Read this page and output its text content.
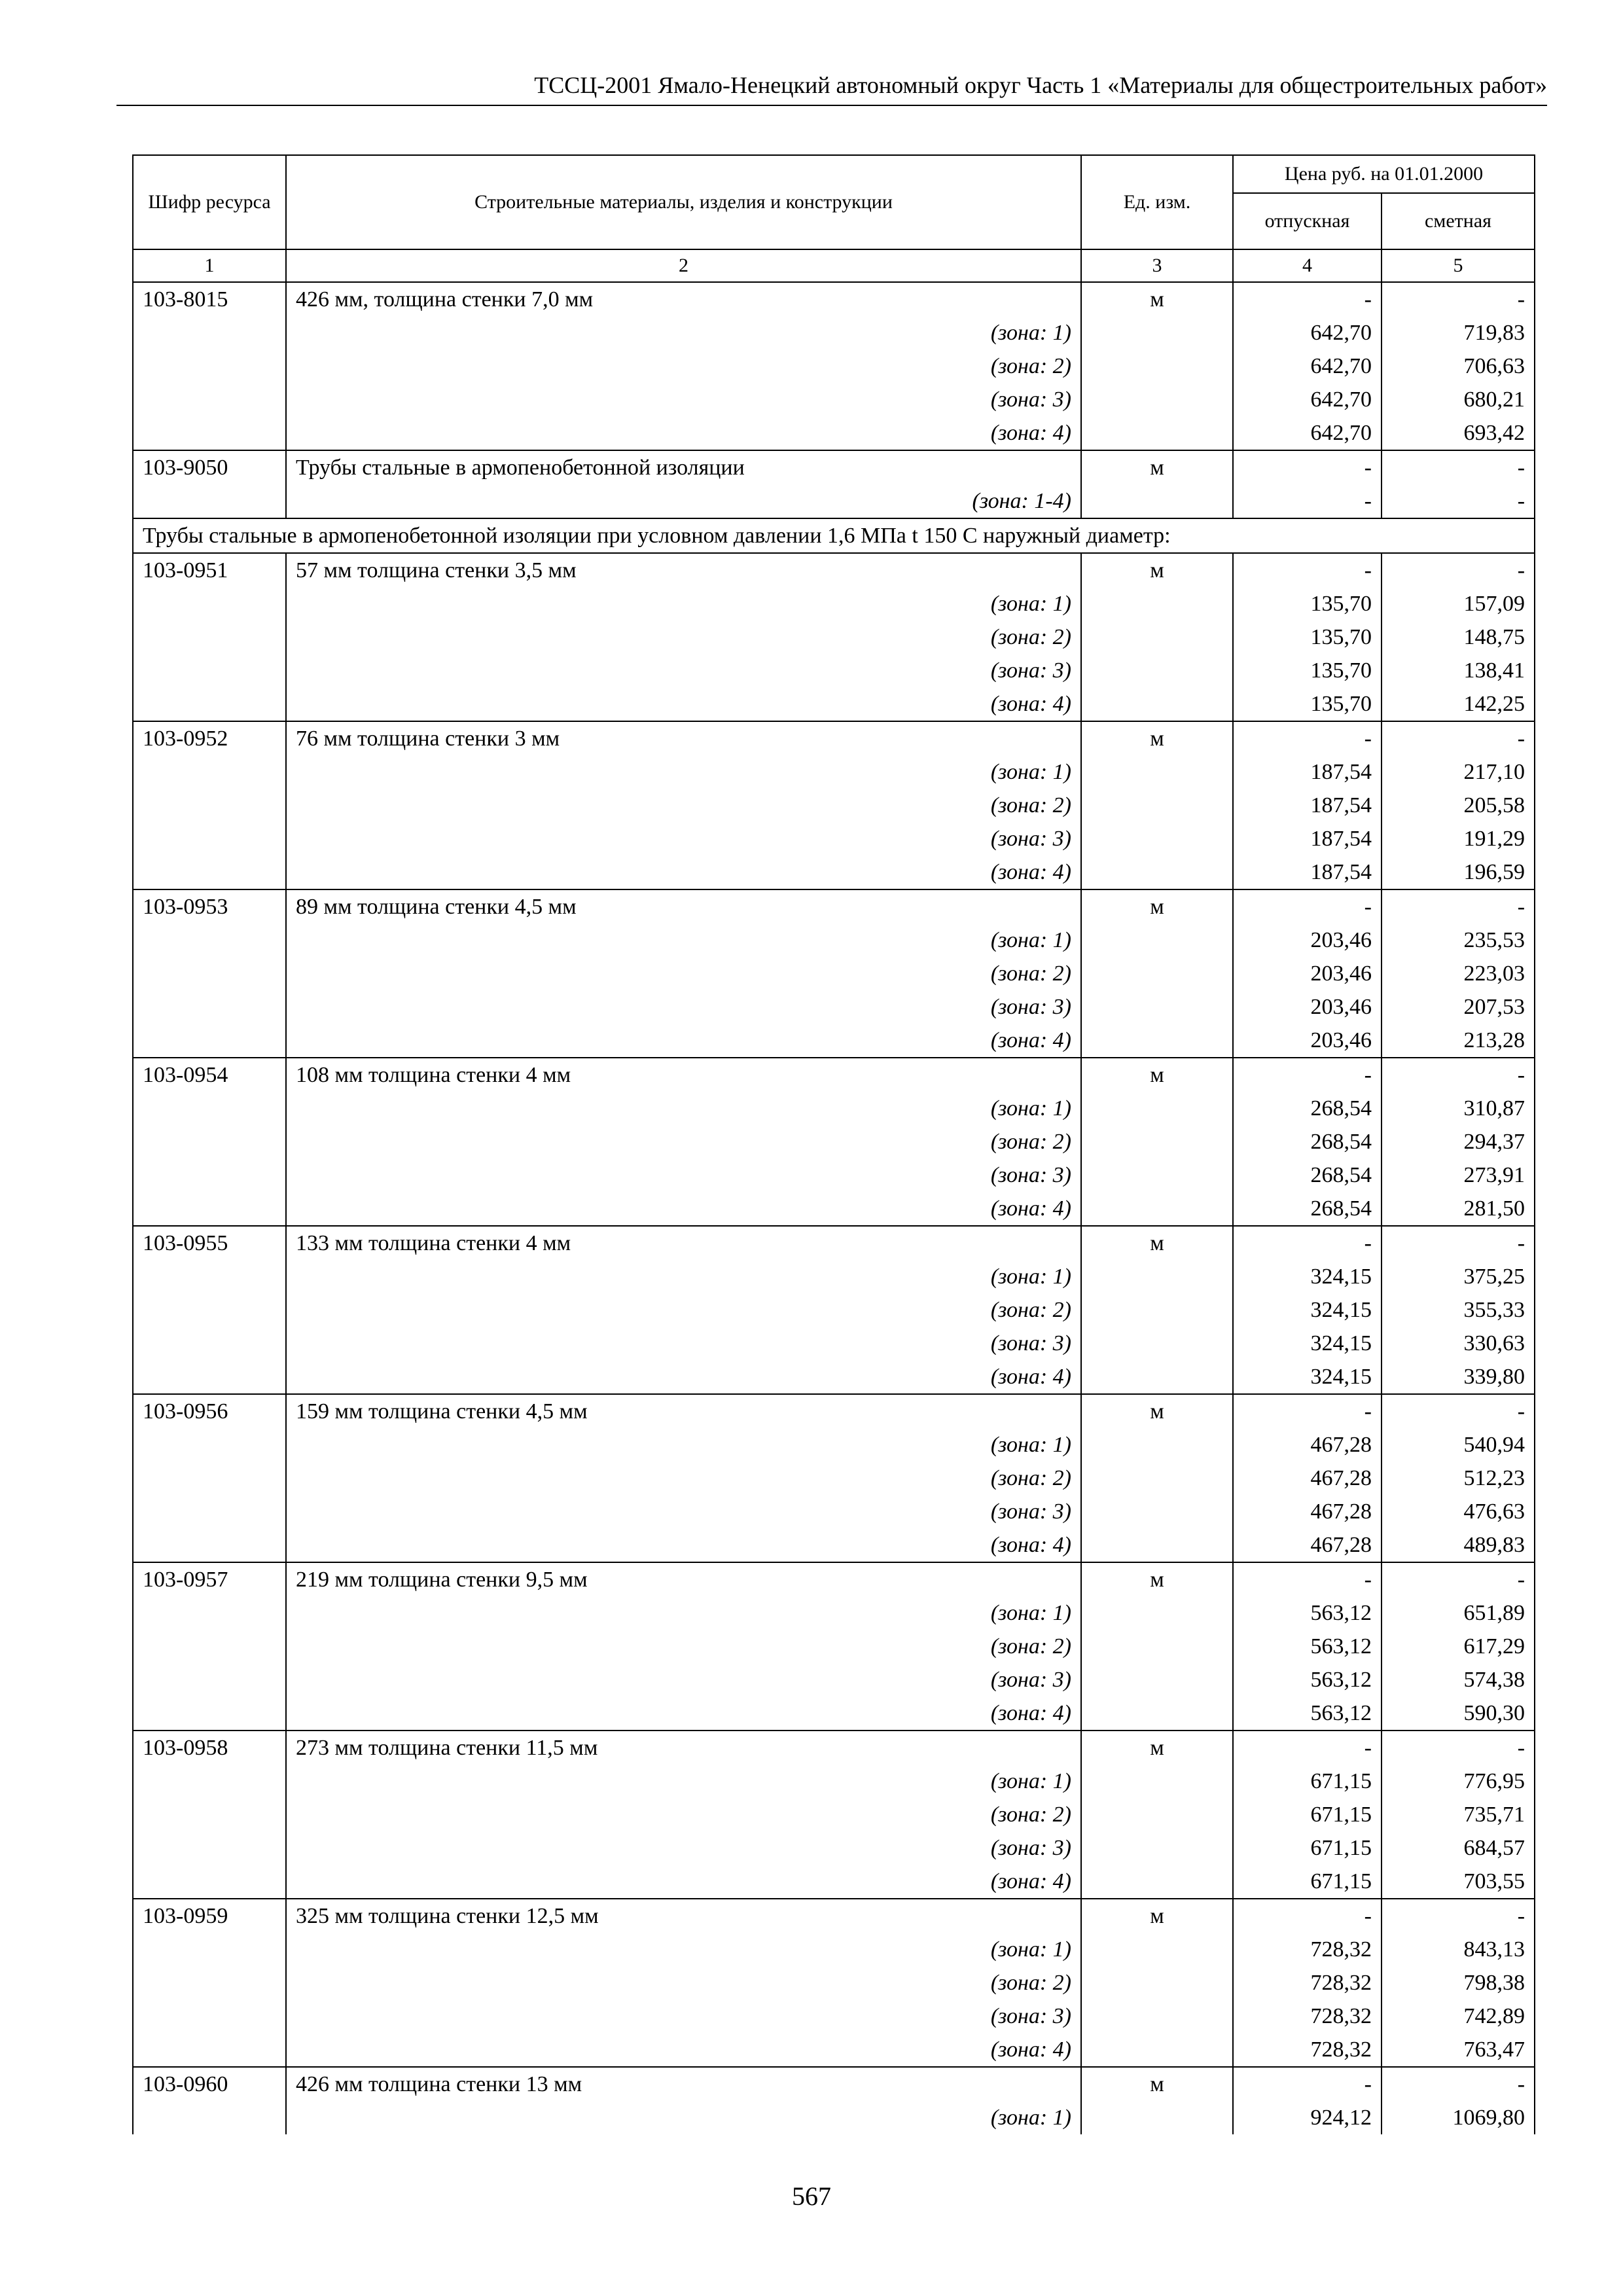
ТССЦ-2001 Ямало-Ненецкий автономный округ Часть 1 «Материалы для общестроительных работ»
Шифр ресурса	Строительные материалы, изделия и конструкции	Ед. изм.	Цена руб. на 01.01.2000	
			отпускная	сметная
1	2	3	4	5
103-8015	426 мм, толщина стенки 7,0 мм	м	-	-
	(зона: 1)		642,70	719,83
	(зона: 2)		642,70	706,63
	(зона: 3)		642,70	680,21
	(зона: 4)		642,70	693,42
103-9050	Трубы стальные в армопенобетонной изоляции	м	-	-
	(зона: 1-4)		-	-
Трубы стальные в армопенобетонной изоляции при условном давлении 1,6 МПа t 150 С наружный диаметр:				
103-0951	57 мм толщина стенки 3,5 мм	м	-	-
	(зона: 1)		135,70	157,09
	(зона: 2)		135,70	148,75
	(зона: 3)		135,70	138,41
	(зона: 4)		135,70	142,25
103-0952	76 мм толщина стенки 3 мм	м	-	-
	(зона: 1)		187,54	217,10
	(зона: 2)		187,54	205,58
	(зона: 3)		187,54	191,29
	(зона: 4)		187,54	196,59
103-0953	89 мм толщина стенки 4,5 мм	м	-	-
	(зона: 1)		203,46	235,53
	(зона: 2)		203,46	223,03
	(зона: 3)		203,46	207,53
	(зона: 4)		203,46	213,28
103-0954	108 мм толщина стенки 4 мм	м	-	-
	(зона: 1)		268,54	310,87
	(зона: 2)		268,54	294,37
	(зона: 3)		268,54	273,91
	(зона: 4)		268,54	281,50
103-0955	133 мм толщина стенки 4 мм	м	-	-
	(зона: 1)		324,15	375,25
	(зона: 2)		324,15	355,33
	(зона: 3)		324,15	330,63
	(зона: 4)		324,15	339,80
103-0956	159 мм толщина стенки 4,5 мм	м	-	-
	(зона: 1)		467,28	540,94
	(зона: 2)		467,28	512,23
	(зона: 3)		467,28	476,63
	(зона: 4)		467,28	489,83
103-0957	219 мм толщина стенки 9,5 мм	м	-	-
	(зона: 1)		563,12	651,89
	(зона: 2)		563,12	617,29
	(зона: 3)		563,12	574,38
	(зона: 4)		563,12	590,30
103-0958	273 мм толщина стенки 11,5 мм	м	-	-
	(зона: 1)		671,15	776,95
	(зона: 2)		671,15	735,71
	(зона: 3)		671,15	684,57
	(зона: 4)		671,15	703,55
103-0959	325 мм толщина стенки 12,5 мм	м	-	-
	(зона: 1)		728,32	843,13
	(зона: 2)		728,32	798,38
	(зона: 3)		728,32	742,89
	(зона: 4)		728,32	763,47
103-0960	426 мм толщина стенки 13 мм	м	-	-
	(зона: 1)		924,12	1069,80
567
